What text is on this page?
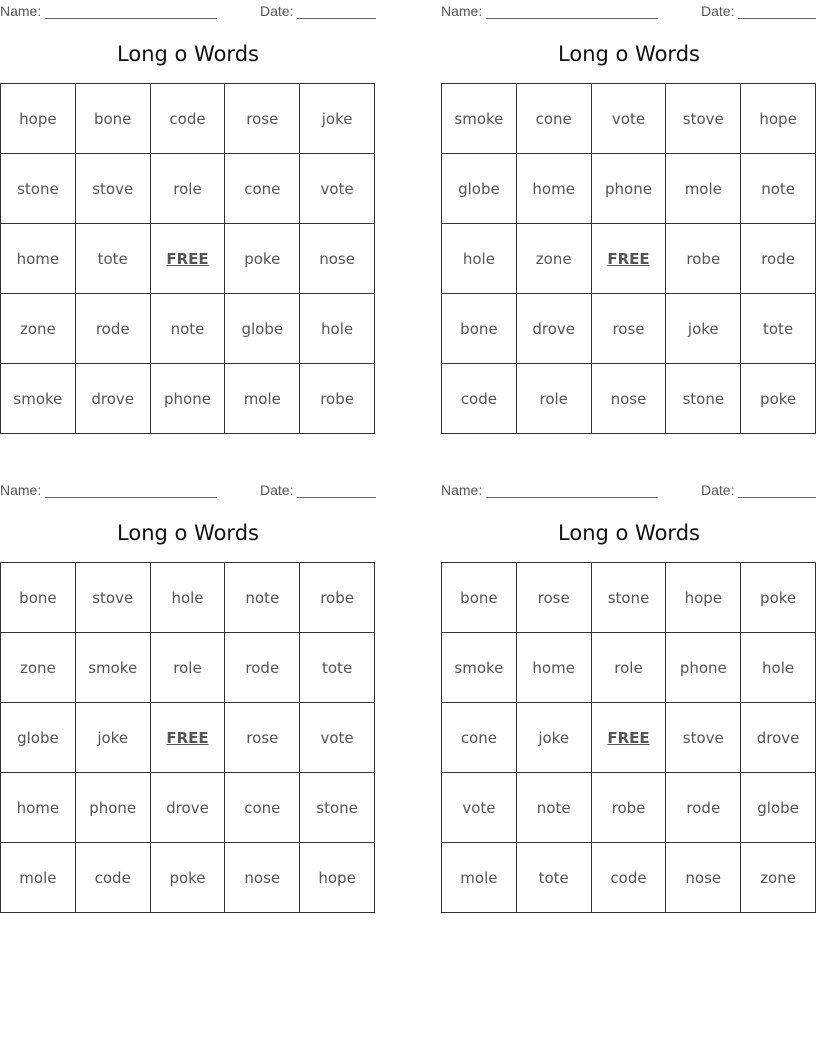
Name:	Date:
Long o Words
hope	bone	code	rose	joke
stone	stove	role	cone	vote
home	tote	FREE	poke	nose
zone	rode	note	globe	hole
smoke	drove	phone	mole	robe
Name:	Date:
Long o Words
smoke	cone	vote	stove	hope
globe	home	phone	mole	note
hole	zone	FREE	robe	rode
bone	drove	rose	joke	tote
code	role	nose	stone	poke
Name:	Date:
Long o Words
bone	stove	hole	note	robe
zone	smoke	role	rode	tote
globe	joke	FREE	rose	vote
home	phone	drove	cone	stone
mole	code	poke	nose	hope
Name:	Date:
Long o Words
bone	rose	stone	hope	poke
smoke	home	role	phone	hole
cone	joke	FREE	stove	drove
vote	note	robe	rode	globe
mole	tote	code	nose	zone
